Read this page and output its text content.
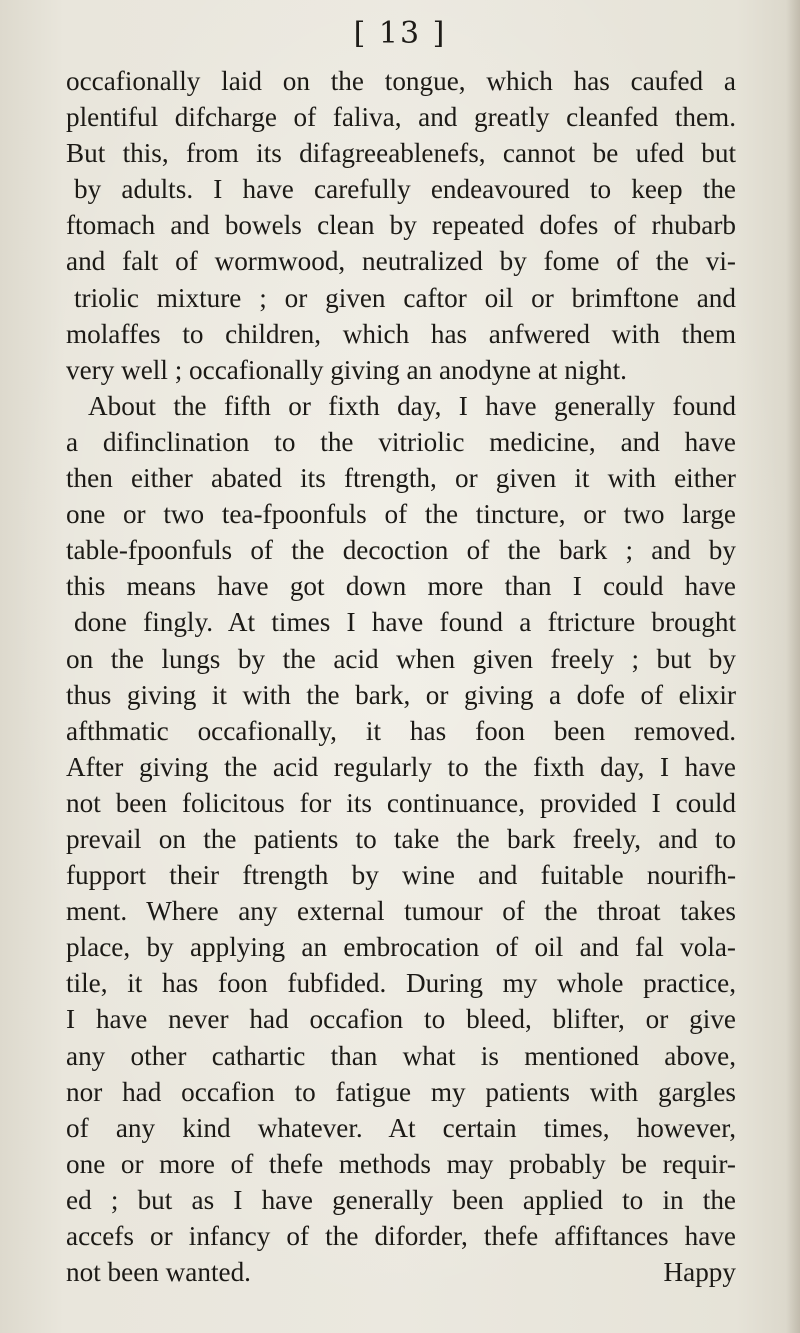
[ 13 ]
occafionally laid on the tongue, which has caufed a
plentiful difcharge of faliva, and greatly cleanfed them.
But this, from its difagreeablenefs, cannot be ufed but
by adults. I have carefully endeavoured to keep the
ftomach and bowels clean by repeated dofes of rhubarb
and falt of wormwood, neutralized by fome of the vi-
triolic mixture ; or given caftor oil or brimftone and
molaffes to children, which has anfwered with them
very well ; occafionally giving an anodyne at night.
About the fifth or fixth day, I have generally found
a difinclination to the vitriolic medicine, and have
then either abated its ftrength, or given it with either
one or two tea-fpoonfuls of the tincture, or two large
table-fpoonfuls of the decoction of the bark ; and by
this means have got down more than I could have
done fingly. At times I have found a ftricture brought
on the lungs by the acid when given freely ; but by
thus giving it with the bark, or giving a dofe of elixir
afthmatic occafionally, it has foon been removed.
After giving the acid regularly to the fixth day, I have
not been folicitous for its continuance, provided I could
prevail on the patients to take the bark freely, and to
fupport their ftrength by wine and fuitable nourifh-
ment. Where any external tumour of the throat takes
place, by applying an embrocation of oil and fal vola-
tile, it has foon fubfided. During my whole practice,
I have never had occafion to bleed, blifter, or give
any other cathartic than what is mentioned above,
nor had occafion to fatigue my patients with gargles
of any kind whatever. At certain times, however,
one or more of thefe methods may probably be requir-
ed ; but as I have generally been applied to in the
accefs or infancy of the diforder, thefe affiftances have
not been wanted.	Happy
